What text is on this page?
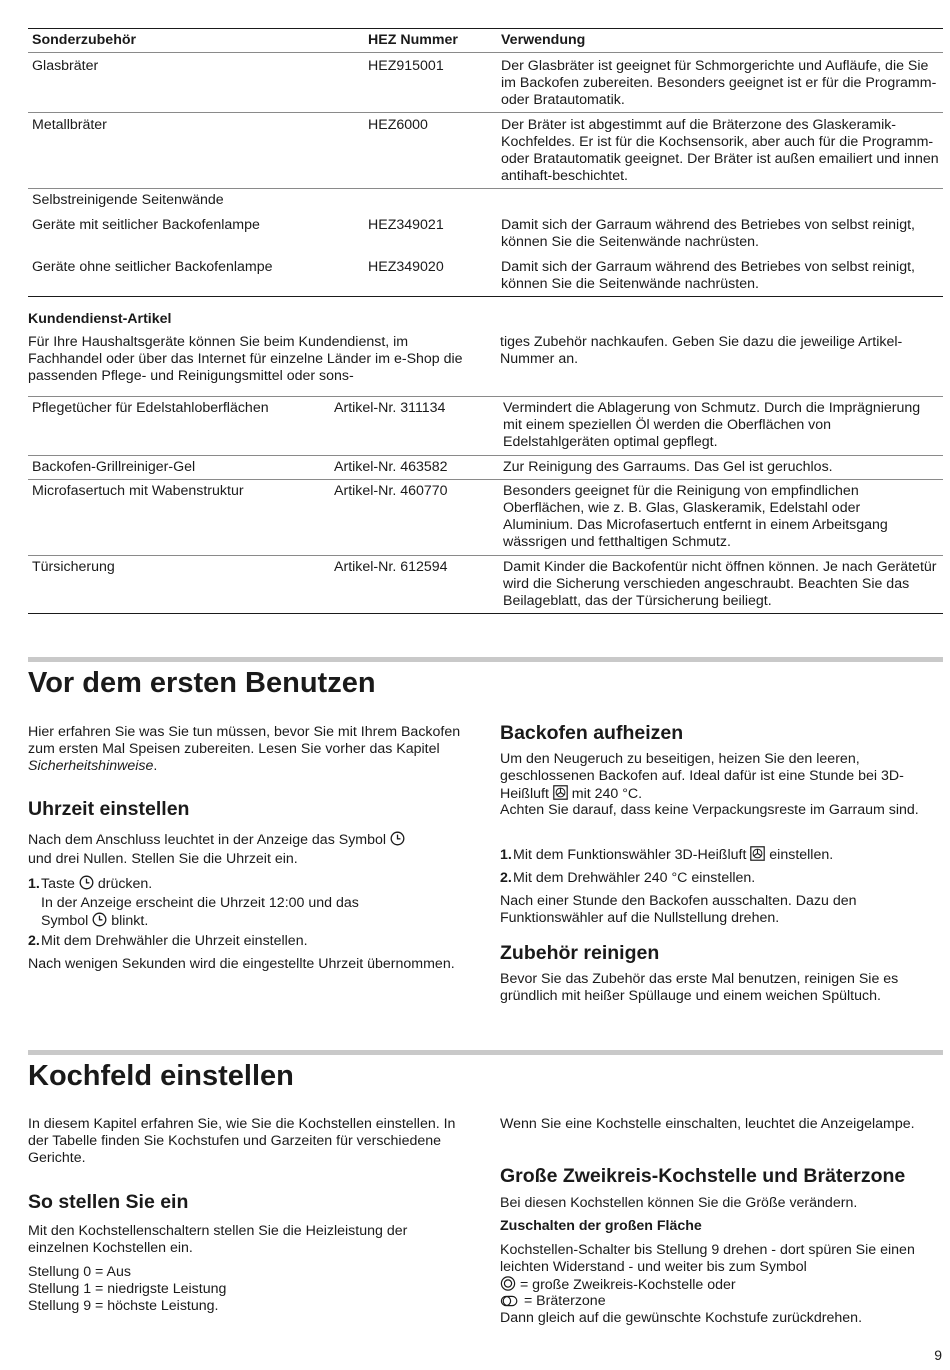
Sonderzubehör	HEZ Nummer	Verwendung
Glasbräter	HEZ915001	Der Glasbräter ist geeignet für Schmorgerichte und Aufläufe, die Sie im Backofen zubereiten. Besonders geeignet ist er für die Programm- oder Bratautomatik.
Metallbräter	HEZ6000	Der Bräter ist abgestimmt auf die Bräterzone des Glaskeramik-Kochfeldes. Er ist für die Kochsensorik, aber auch für die Programm- oder Bratautomatik geeignet. Der Bräter ist außen emailiert und innen antihaft-beschichtet.
Selbstreinigende Seitenwände
Geräte mit seitlicher Backofenlampe	HEZ349021	Damit sich der Garraum während des Betriebes von selbst reinigt, können Sie die Seitenwände nachrüsten.
Geräte ohne seitlicher Backofenlampe	HEZ349020	Damit sich der Garraum während des Betriebes von selbst reinigt, können Sie die Seitenwände nachrüsten.
Kundendienst-Artikel
Für Ihre Haushaltsgeräte können Sie beim Kundendienst, im Fachhandel oder über das Internet für einzelne Länder im e-Shop die passenden Pflege- und Reinigungsmittel oder sons-
tiges Zubehör nachkaufen. Geben Sie dazu die jeweilige Artikel-Nummer an.
Pflegetücher für Edelstahloberflächen	Artikel-Nr. 311134	Vermindert die Ablagerung von Schmutz. Durch die Imprägnierung mit einem speziellen Öl werden die Oberflächen von Edelstahlgeräten optimal gepflegt.
Backofen-Grillreiniger-Gel	Artikel-Nr. 463582	Zur Reinigung des Garraums. Das Gel ist geruchlos.
Microfasertuch mit Wabenstruktur	Artikel-Nr. 460770	Besonders geeignet für die Reinigung von empfindlichen Oberflächen, wie z. B. Glas, Glaskeramik, Edelstahl oder Aluminium. Das Microfasertuch entfernt in einem Arbeitsgang wässrigen und fetthaltigen Schmutz.
Türsicherung	Artikel-Nr. 612594	Damit Kinder die Backofentür nicht öffnen können. Je nach Gerätetür wird die Sicherung verschieden angeschraubt. Beachten Sie das Beilageblatt, das der Türsicherung beiliegt.
Vor dem ersten Benutzen
Hier erfahren Sie was Sie tun müssen, bevor Sie mit Ihrem Backofen zum ersten Mal Speisen zubereiten. Lesen Sie vorher das Kapitel Sicherheitshinweise.
Uhrzeit einstellen
Nach dem Anschluss leuchtet in der Anzeige das Symbol
und drei Nullen. Stellen Sie die Uhrzeit ein.
1.Taste drücken.
In der Anzeige erscheint die Uhrzeit 12:00 und das
Symbol blinkt.
2.Mit dem Drehwähler die Uhrzeit einstellen.
Nach wenigen Sekunden wird die eingestellte Uhrzeit übernommen.
Backofen aufheizen
Um den Neugeruch zu beseitigen, heizen Sie den leeren, geschlossenen Backofen auf. Ideal dafür ist eine Stunde bei 3D-Heißluft mit 240 °C.
Achten Sie darauf, dass keine Verpackungsreste im Garraum sind.
1.Mit dem Funktionswähler 3D-Heißluft einstellen.
2.Mit dem Drehwähler 240 °C einstellen.
Nach einer Stunde den Backofen ausschalten. Dazu den Funktionswähler auf die Nullstellung drehen.
Zubehör reinigen
Bevor Sie das Zubehör das erste Mal benutzen, reinigen Sie es gründlich mit heißer Spüllauge und einem weichen Spültuch.
Kochfeld einstellen
In diesem Kapitel erfahren Sie, wie Sie die Kochstellen einstellen. In der Tabelle finden Sie Kochstufen und Garzeiten für verschiedene Gerichte.
So stellen Sie ein
Mit den Kochstellenschaltern stellen Sie die Heizleistung der einzelnen Kochstellen ein.
Stellung 0 = Aus
Stellung 1 = niedrigste Leistung
Stellung 9 = höchste Leistung.
Wenn Sie eine Kochstelle einschalten, leuchtet die Anzeigelampe.
Große Zweikreis-Kochstelle und Bräterzone
Bei diesen Kochstellen können Sie die Größe verändern.
Zuschalten der großen Fläche
Kochstellen-Schalter bis Stellung 9 drehen - dort spüren Sie einen leichten Widerstand - und weiter bis zum Symbol
= große Zweikreis-Kochstelle oder
= Bräterzone
Dann gleich auf die gewünschte Kochstufe zurückdrehen.
9
